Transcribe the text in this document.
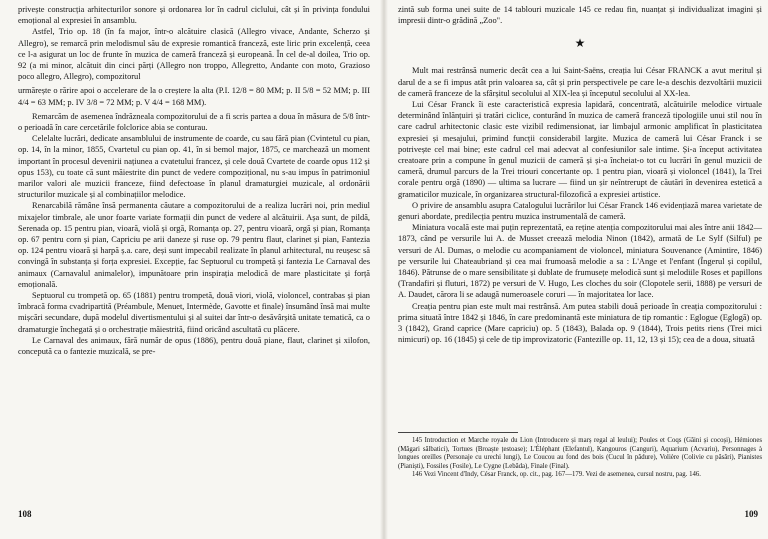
privește construcția arhitecturilor sonore și ordonarea lor în cadrul ciclului, cât și în privința fondului emoțional al expresiei în ansamblu.

Astfel, Trio op. 18 (în fa major, într-o alcătuire clasică (Allegro vivace, Andante, Scherzo și Allegro), se remarcă prin melodismul său de expresie romantică franceză, este liric prin excelență, ceea ce l-a asigurat un loc de frunte în muzica de cameră franceză și europeană. În cel de-al doilea, Trio op. 92 (a mi minor, alcătuit din cinci părți (Allegro non troppo, Allegretto, Andante con moto, Grazioso poco allegro, Allegro), compozitorul

urmărește o rărire apoi o accelerare de la o creștere la alta (P.I. 12/8 = 80 MM; p. II 5/8 = 52 MM; p. III 4/4 = 63 MM; p. IV 3/8 = 72 MM; p. V 4/4 = 168 MM).

Remarcăm de asemenea îndrăzneala compozitorului de a fi scris partea a doua în măsura de 5/8 într-o perioadă în care cercetările folclorice abia se conturau.

Celelalte lucrări, dedicate ansamblului de instrumente de coarde, cu sau fără pian (Cvintetul cu pian, op. 14, în la minor, 1855, Cvartetul cu pian op. 41, în si bemol major, 1875, ce marchează un moment important în procesul devenirii națiunea a cvatetului francez, și cele două Cvartete de coarde opus 112 și opus 153), cu toate că sunt măiestrite din punct de vedere compozițional, nu s-au impus în patrimoniul marilor valori ale muzicii franceze, fiind defectoase în planul dramaturgiei muzicale, al ordonării structurilor muzicale și al combinațiilor melodice.

Renarcabilă rămâne însă permanenta căutare a compozitorului de a realiza lucrări noi, prin mediul mixajelor timbrale, ale unor foarte variate formații din punct de vedere al alcătuirii. Așa sunt, de pildă, Serenada op. 15 pentru pian, vioară, violă și orgă, Romanța op. 27, pentru vioară, orgă și pian, Romanța op. 67 pentru corn și pian, Capriciu pe arii daneze și ruse op. 79 pentru flaut, clarinet și pian, Fantezia op. 124 pentru vioară și harpă ș.a. care, deși sunt impecabil realizate în planul arhitectural, nu reușesc să convingă în substanța și forța expresiei. Excepție, fac Septuorul cu trompetă și fantezia Le Carnaval des animaux (Carnavalul animalelor), impunătoare prin inspirația melodică de mare plasticitate și forță emoțională.

Septuorul cu trompetă op. 65 (1881) pentru trompetă, două viori, violă, violoncel, contrabas și pian îmbracă forma cvadripartită (Préambule, Menuet, Intermède, Gavotte et finale) însumând însă mai multe mișcări secundare, după modelul divertismentului și al suitei dar într-o desăvârșită unitate tematică, ca o dramaturgie închegată și o orchestrație măiestrită, fiind oricând ascultată cu plăcere.

Le Carnaval des animaux, fără număr de opus (1886), pentru două piane, flaut, clarinet și xilofon, concepută ca o fantezie muzicală, se pre-

108

zintă sub forma unei suite de 14 tablouri muzicale 145 ce redau fin, nuanțat și individualizat imagini și impresii dintr-o grădină „Zoo".

★

Mult mai restrânsă numeric decât cea a lui Saint-Saëns, creația lui César FRANCK a avut meritul și darul de a se fi impus atât prin valoarea sa, cât și prin perspectivele pe care le-a deschis dezvoltării muzicii de cameră franceze de la sfârșitul secolului al XIX-lea și începutul secolului al XX-lea.

Lui César Franck îi este caracteristică expresia lapidară, concentrată, alcătuirile melodice virtuale determinând înlănțuiri și tratări ciclice, conturând în muzica de cameră franceză tipologiile unui stil nou în care cadrul arhitectonic clasic este vizibil redimensionat, iar limbajul armonic amplificat în plasticitatea expresiei și mesajului, primind funcții considerabil largite. Muzica de cameră lui César Franck i se potrivește cel mai bine; este cadrul cel mai adecvat al confesiunilor sale intime. Și-a început activitatea creatoare prin a compune în genul muzicii de cameră și și-a încheiat-o tot cu lucrări în genul muzicii de cameră, drumul parcurs de la Trei triouri concertante op. 1 pentru pian, vioară și violoncel (1841), la Trei corale pentru orgă (1890) — ultima sa lucrare — fiind un șir neîntrerupt de căutări în devenirea estetică a gramaticilor muzicale, în organizarea structural-filozofică a expresiei artistice.

O privire de ansamblu asupra Catalogului lucrărilor lui César Franck 146 evidențiază marea varietate de genuri abordate, predilecția pentru muzica instrumentală de cameră.

Miniatura vocală este mai puțin reprezentată, ea reține atenția compozitorului mai ales între anii 1842—1873, când pe versurile lui A. de Musset creează melodia Ninon (1842), armată de Le Sylf (Silful) pe versuri de Al. Dumas, o melodie cu acompaniament de violoncel, miniatura Souvenance (Amintire, 1846) pe versurile lui Chateaubriand și cea mai frumoasă melodie a sa : L'Ange et l'enfant (Îngerul și copilul, 1846). Pătrunse de o mare sensibilitate și dublate de frumusețe melodică sunt și melodiile Roses et papillons (Trandafiri și fluturi, 1872) pe versuri de V. Hugo, Les cloches du soir (Clopotele serii, 1888) pe versuri de A. Daudet, cărora li se adaugă numeroasele coruri — în majoritatea lor lace.

Creația pentru pian este mult mai restrânsă. Am putea stabili două perioade în creația compozitorului : prima situată între 1842 și 1846, în care predominantă este miniatura de tip romantic : Eglogue (Eglogă) op. 3 (1842), Grand caprice (Mare capriciu) op. 5 (1843), Balada op. 9 (1844), Trois petits riens (Trei mici nimicuri) op. 16 (1845) și cele de tip improvizatoric (Fantezille op. 11, 12, 13 și 15); cea de a doua, situată

145 Introduction et Marche royale du Lion (Introducere și marș regal al leului); Poules et Coqs (Găini și cocoși), Hémiones (Măgari sălbatici), Tortues (Broaște țestoase); L'Éléphant (Elefantul), Kangouros (Canguri), Aquarium (Acvariu), Personnages à longues oreilles (Personaje cu urechi lungi), Le Coucou au fond des bois (Cucul în pădure), Volière (Colivie cu păsări), Pianistes (Pianiști), Fossiles (Fosile), Le Cygne (Lebăda), Finale (Final).

146 Vezi Vincent d'Indy, César Franck, op. cit., pag. 167—179. Vezi de asemenea, cursul nostru, pag. 146.

109
